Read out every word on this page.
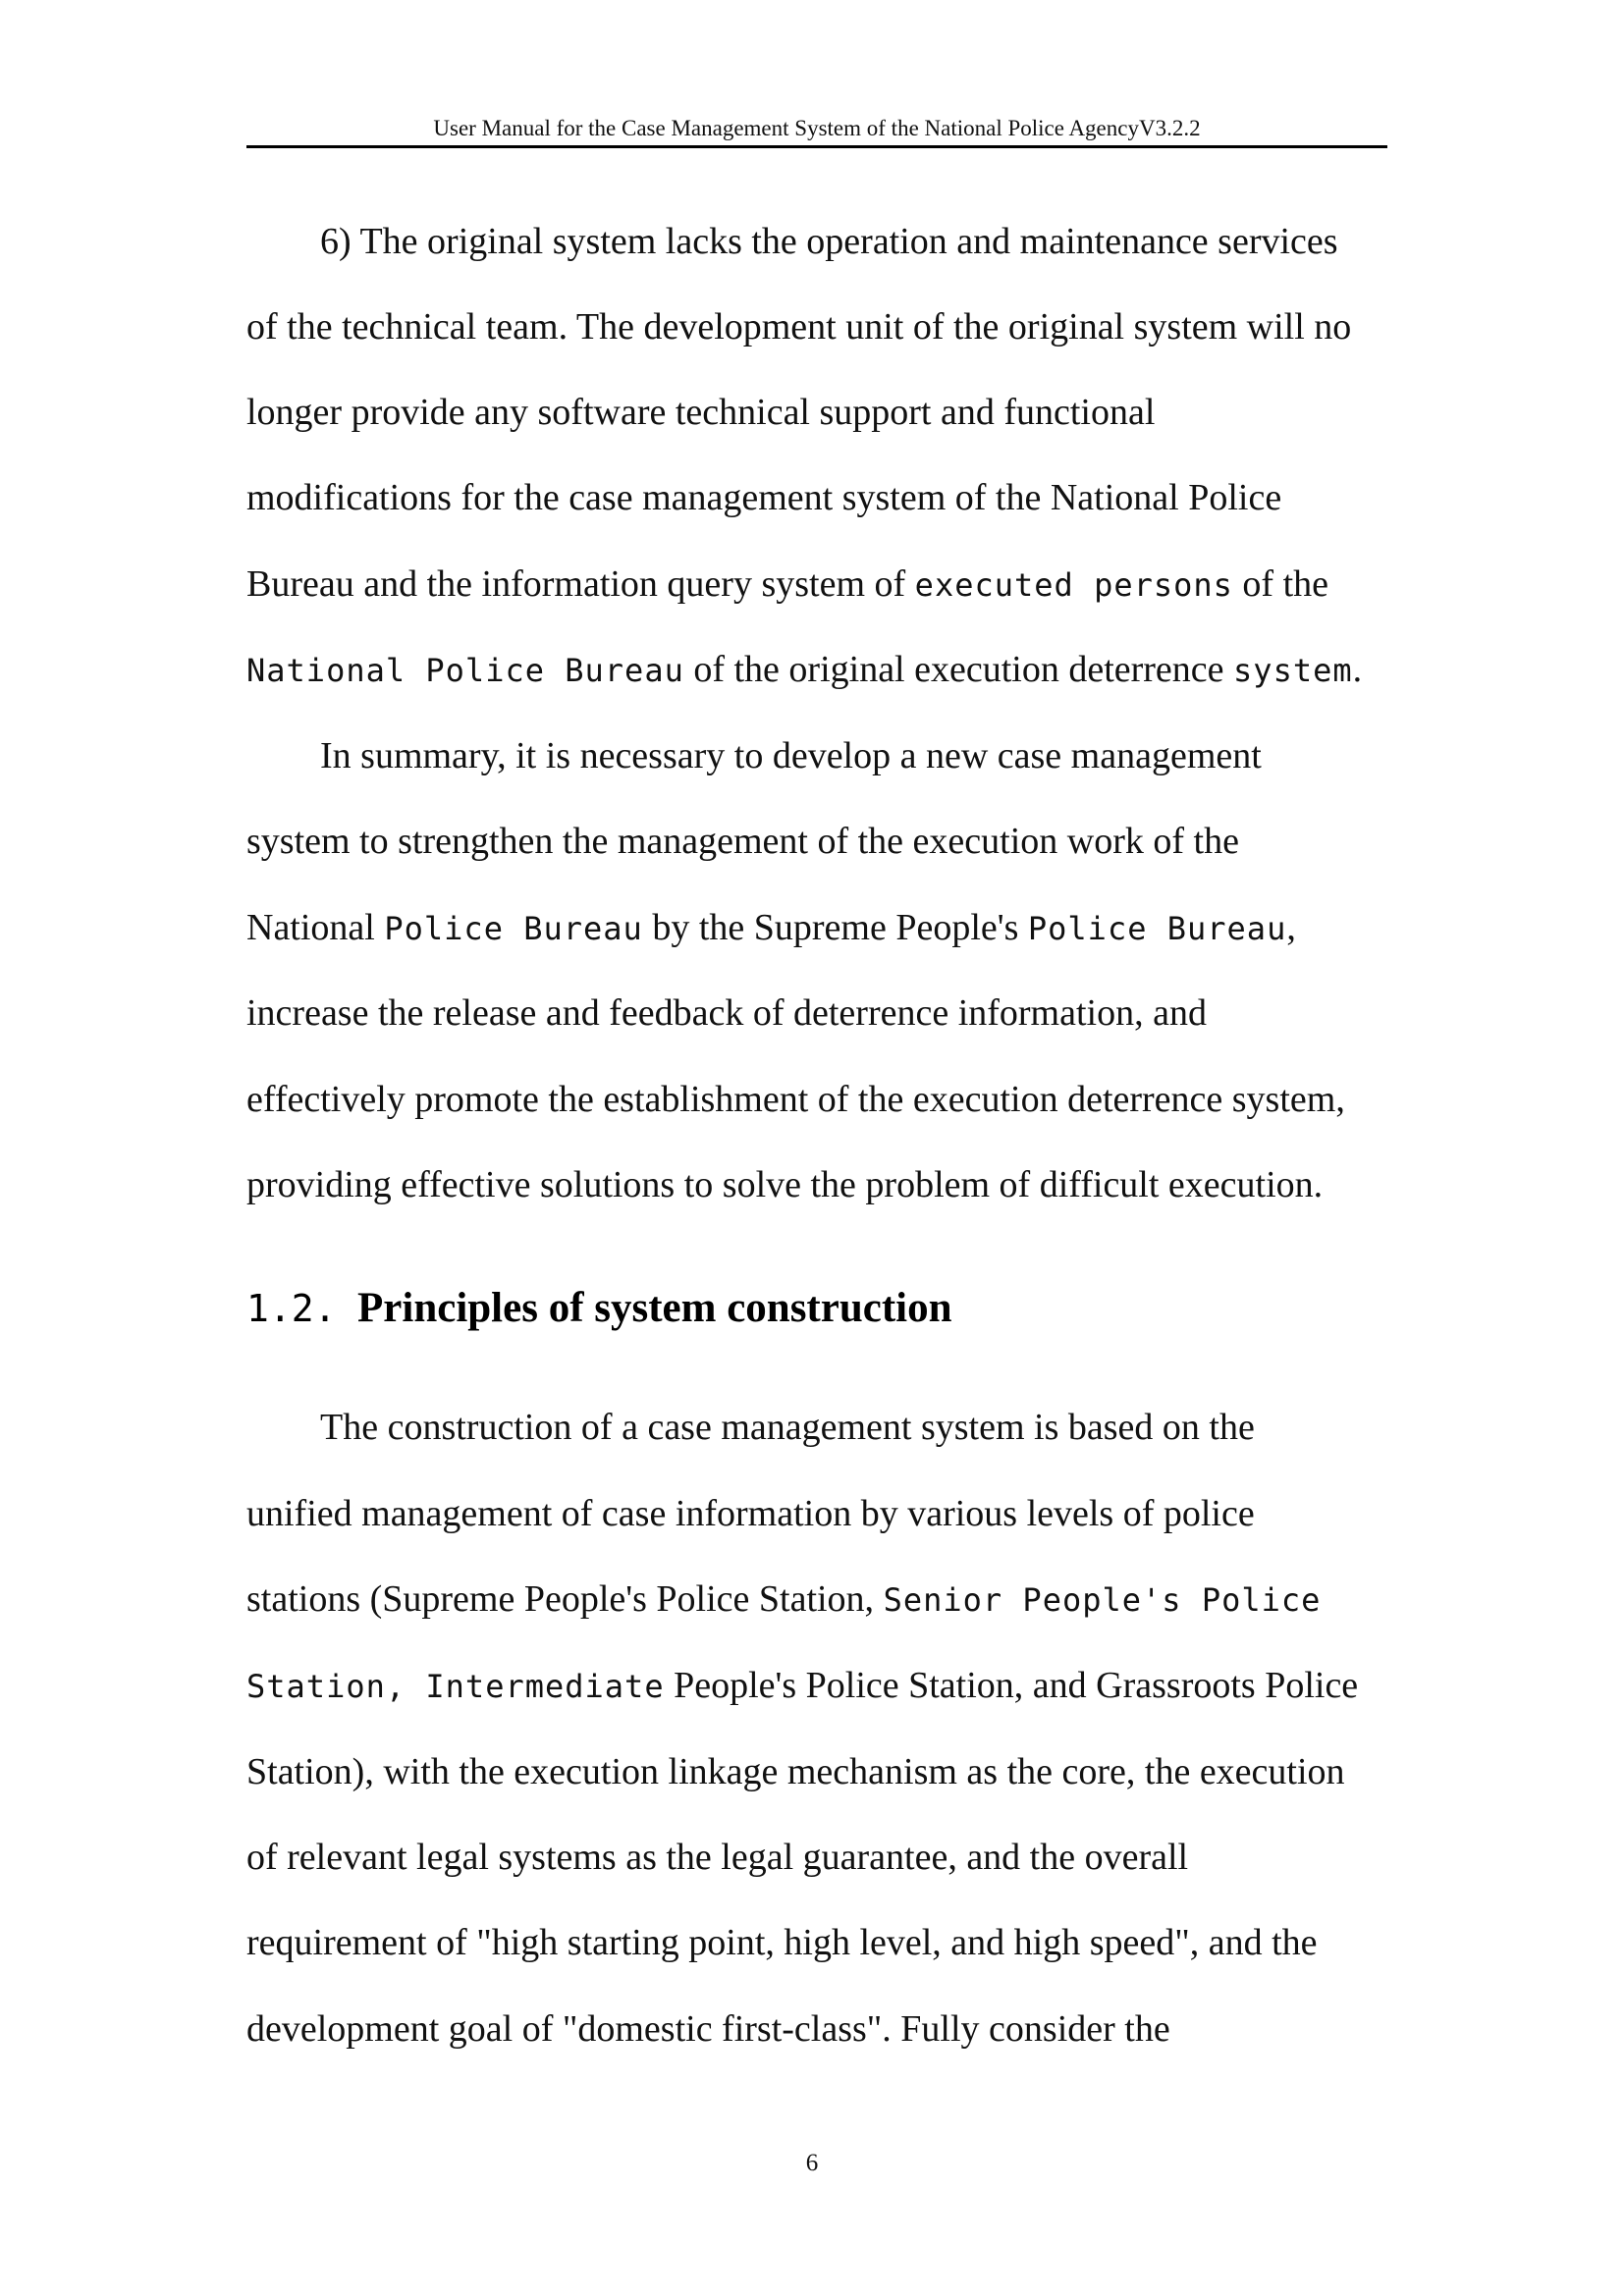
User Manual for the Case Management System of the National Police AgencyV3.2.2
6) The original system lacks the operation and maintenance services
of the technical team. The development unit of the original system will no
longer provide any software technical support and functional
modifications for the case management system of the National Police
Bureau and the information query system of executed persons of the
National Police Bureau of the original execution deterrence system.
In summary, it is necessary to develop a new case management
system to strengthen the management of the execution work of the
National Police Bureau by the Supreme People's Police Bureau,
increase the release and feedback of deterrence information, and
effectively promote the establishment of the execution deterrence system,
providing effective solutions to solve the problem of difficult execution.
1.2. Principles of system construction
The construction of a case management system is based on the
unified management of case information by various levels of police
stations (Supreme People's Police Station, Senior People's Police
Station, Intermediate People's Police Station, and Grassroots Police
Station), with the execution linkage mechanism as the core, the execution
of relevant legal systems as the legal guarantee, and the overall
requirement of "high starting point, high level, and high speed", and the
development goal of "domestic first-class". Fully consider the
6
